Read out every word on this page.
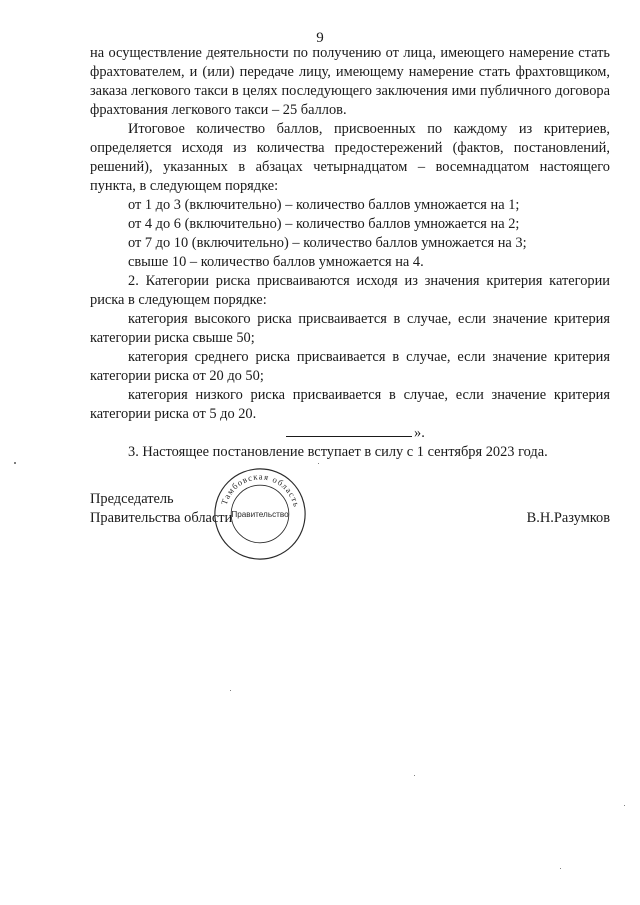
9

на осуществление деятельности по получению от лица, имеющего намерение стать фрахтователем, и (или) передаче лицу, имеющему намерение стать фрахтовщиком, заказа легкового такси в целях последующего заключения ими публичного договора фрахтования легкового такси – 25 баллов.

Итоговое количество баллов, присвоенных по каждому из критериев, определяется исходя из количества предостережений (фактов, постановлений, решений), указанных в абзацах четырнадцатом – восемнадцатом настоящего пункта, в следующем порядке:

от 1 до 3 (включительно) – количество баллов умножается на 1;

от 4 до 6 (включительно) – количество баллов умножается на 2;

от 7 до 10 (включительно) – количество баллов умножается на 3;

свыше 10 – количество баллов умножается на 4.

2. Категории риска присваиваются исходя из значения критерия категории риска в следующем порядке:

категория высокого риска присваивается в случае, если значение критерия категории риска свыше 50;

категория среднего риска присваивается в случае, если значение критерия категории риска от 20 до 50;

категория низкого риска присваивается в случае, если значение критерия категории риска от 5 до 20.

».

3. Настоящее постановление вступает в силу с 1 сентября 2023 года.

Председатель
Правительства области	В.Н.Разумков
Тамбовская область
Правительство
